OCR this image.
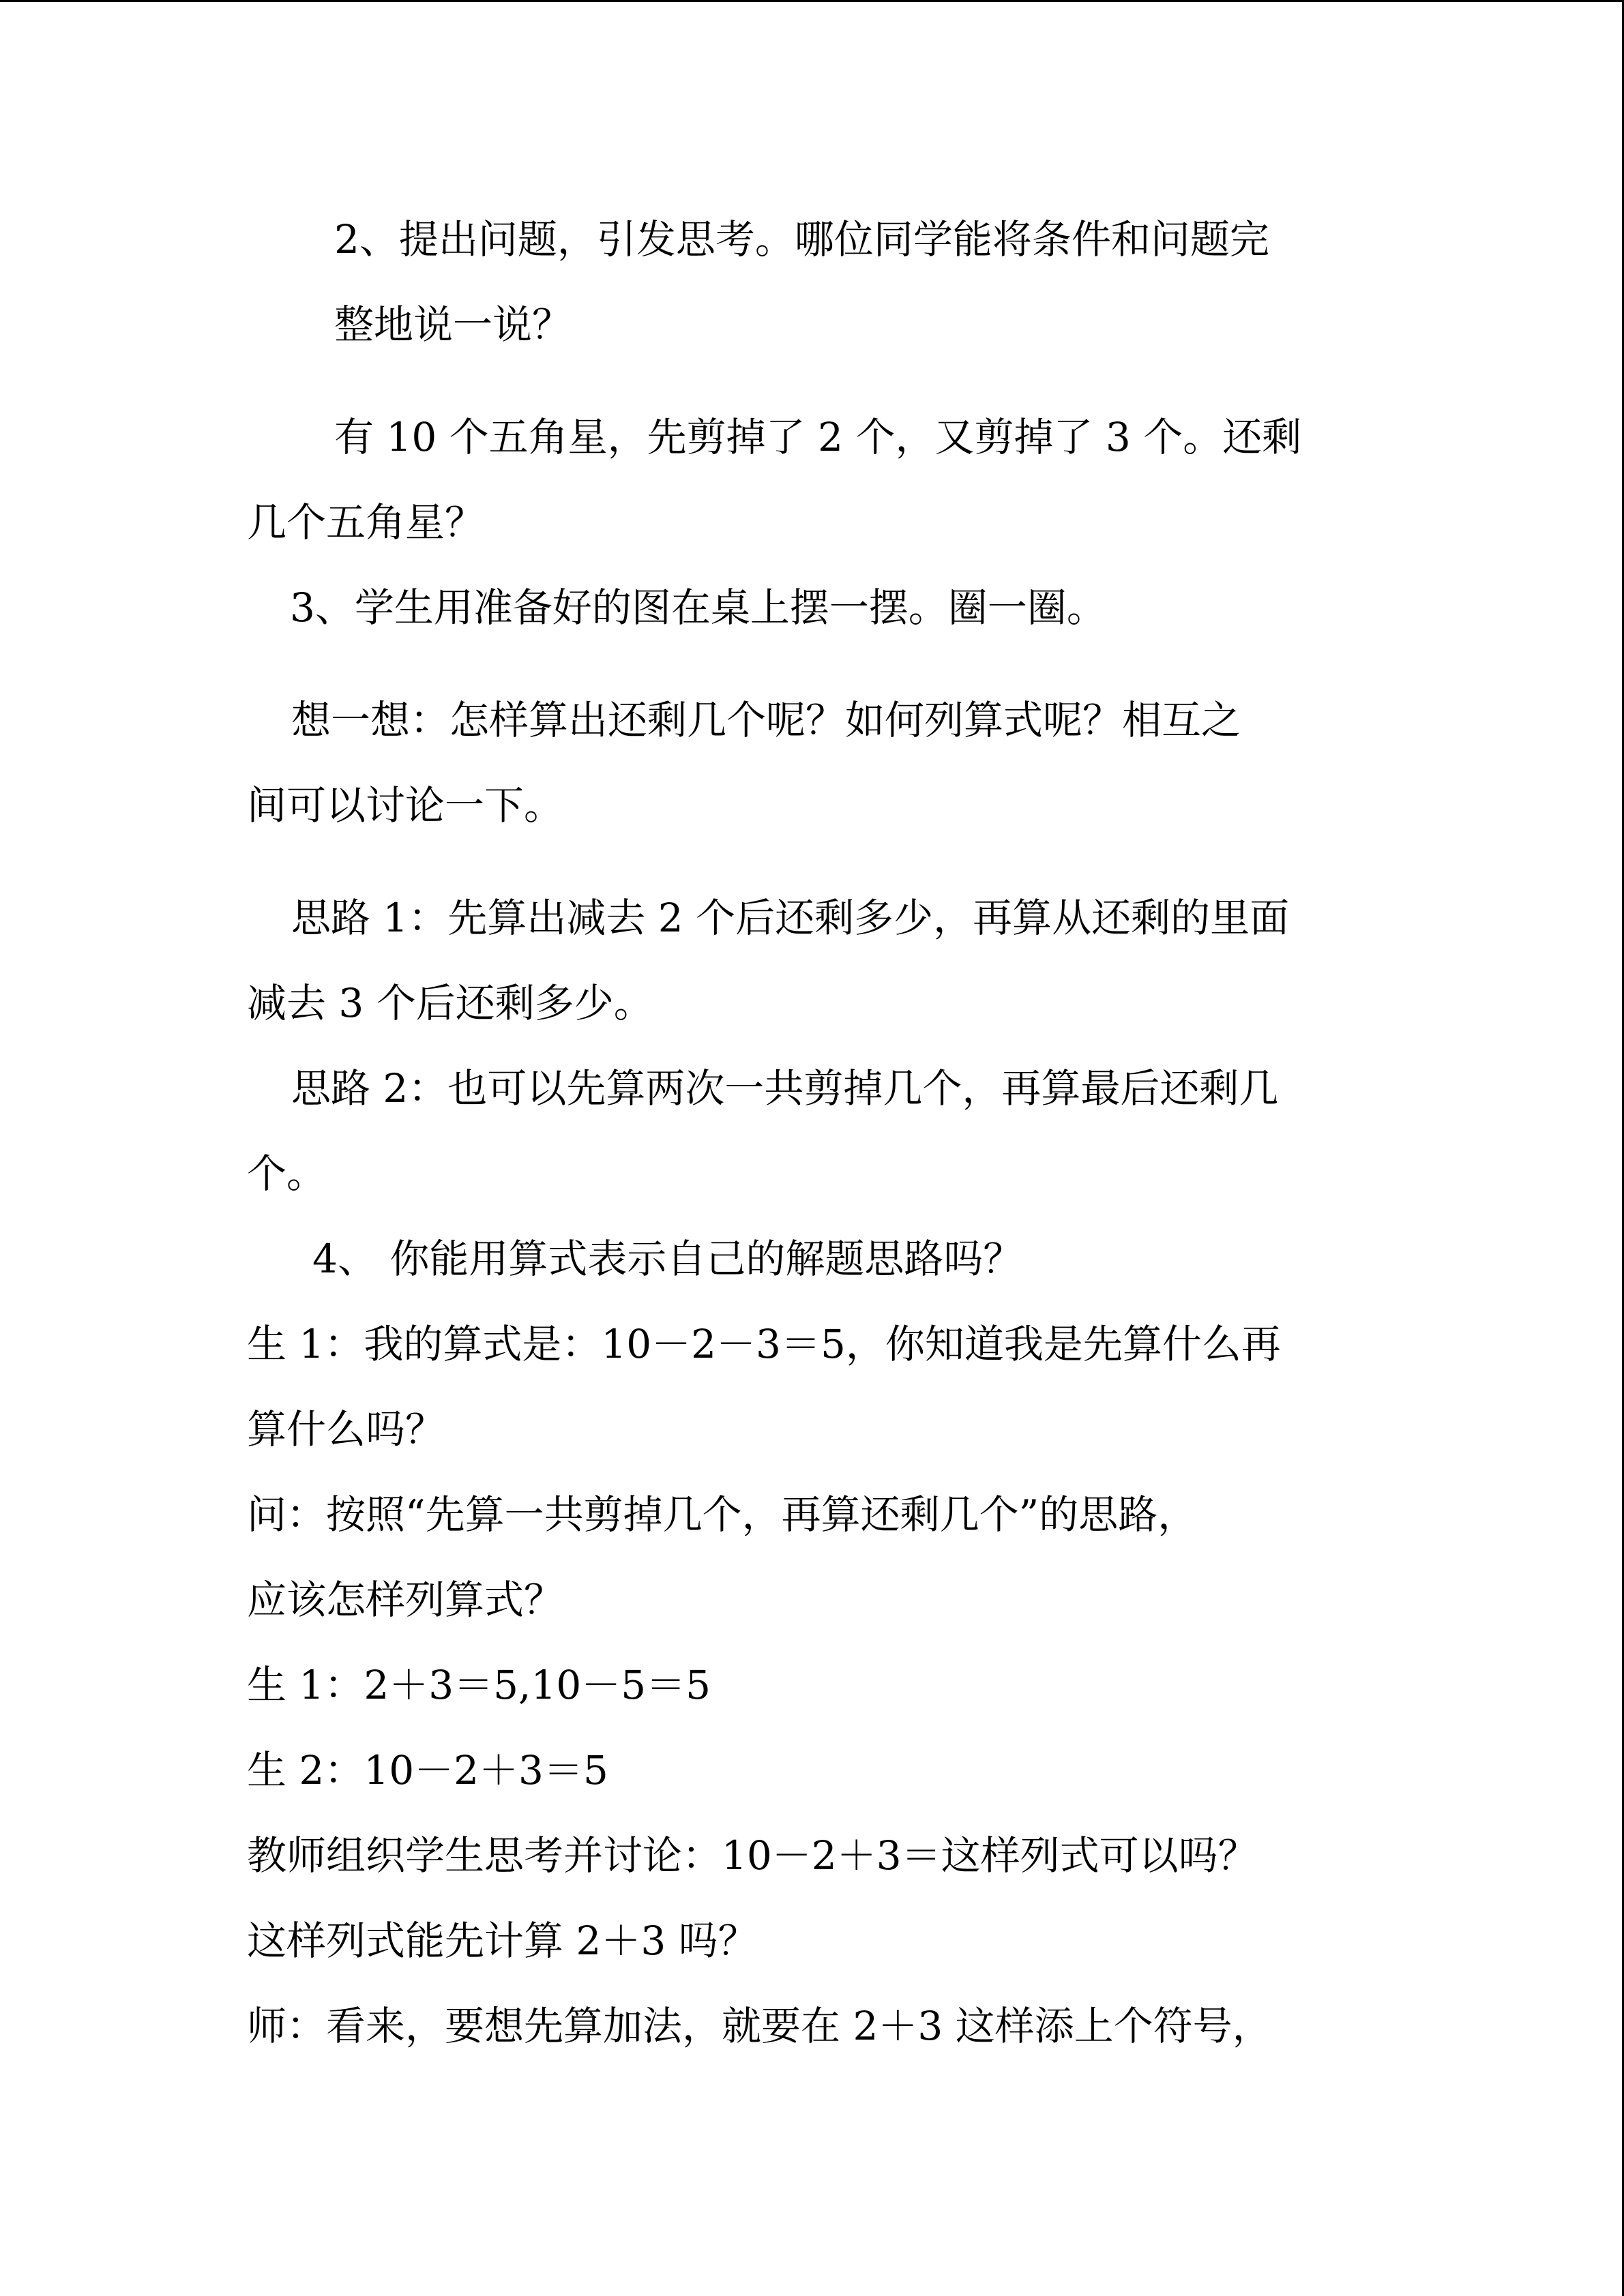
2、提出问题，引发思考。哪位同学能将条件和问题完
整地说一说？
有 10 个五角星，先剪掉了 2 个，又剪掉了 3 个。还剩
几个五角星？
3、学生用准备好的图在桌上摆一摆。圈一圈。
想一想：怎样算出还剩几个呢？如何列算式呢？相互之
间可以讨论一下。
思路 1：先算出减去 2 个后还剩多少，再算从还剩的里面
减去 3 个后还剩多少。
思路 2：也可以先算两次一共剪掉几个，再算最后还剩几
个。
4、 你能用算式表示自己的解题思路吗？
生 1：我的算式是：10－2－3＝5，你知道我是先算什么再
算什么吗？
问：按照“先算一共剪掉几个，再算还剩几个”的思路，
应该怎样列算式？
生 1：2＋3＝5,10－5＝5
生 2：10－2＋3＝5
教师组织学生思考并讨论：10－2＋3＝这样列式可以吗？
这样列式能先计算 2＋3 吗？
师：看来，要想先算加法，就要在 2＋3 这样添上个符号，
